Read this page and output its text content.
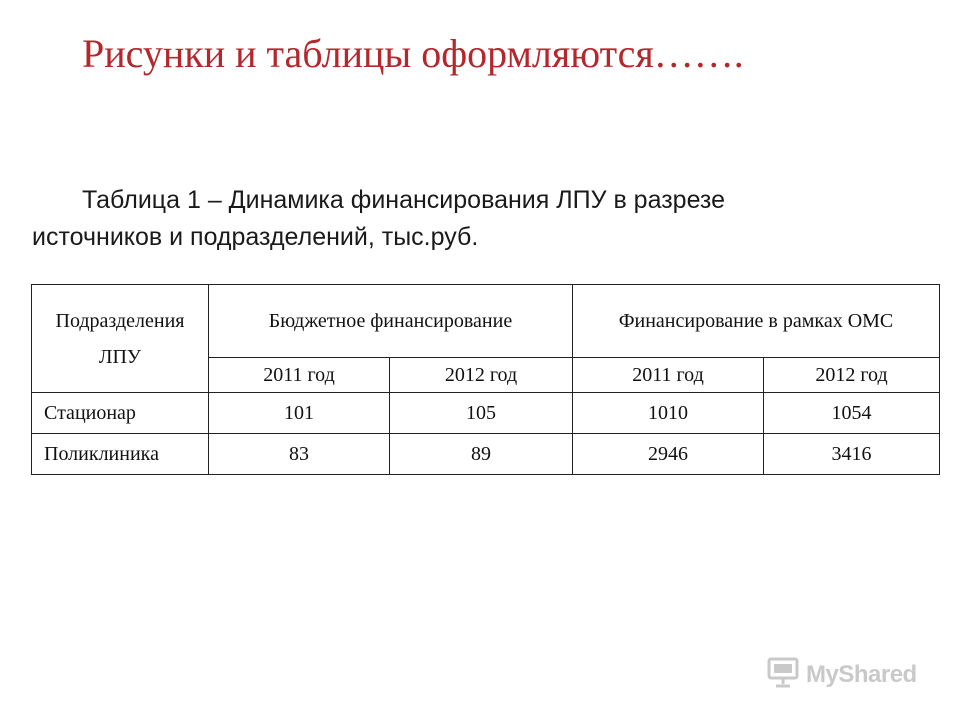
Рисунки и таблицы оформляются…….

Таблица 1 – Динамика финансирования ЛПУ в разрезе источников и подразделений, тыс.руб.

Подразделения ЛПУ	Бюджетное финансирование		Финансирование в рамках ОМС	
	2011 год	2012 год	2011 год	2012 год
Стационар	101	105	1010	1054
Поликлиника	83	89	2946	3416
MyShared
